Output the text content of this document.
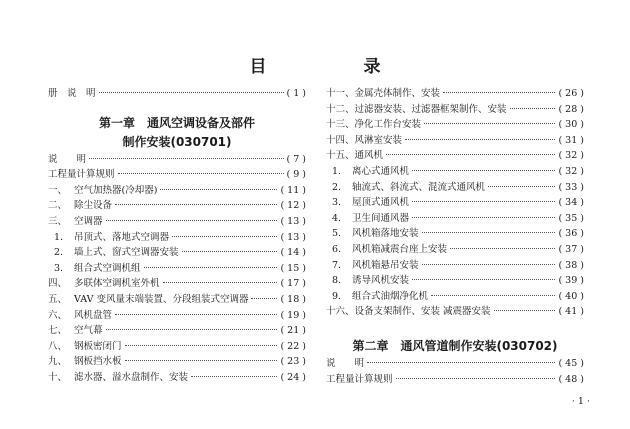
目　录
册　说　明	( 1 )
第一章　通风空调设备及部件
制作安装(030701)
说　　明	( 7 )
工程量计算规则	( 9 )
一、 空气加热器(冷却器)	( 11 )
二、 除尘设备	( 12 )
三、 空调器	( 13 )
1.	吊顶式、落地式空调器	( 13 )
2.	墙上式、窗式空调器安装	( 14 )
3.	组合式空调机组	( 15 )
四、 多联体空调机室外机	( 17 )
五、 VAV 变风量末端装置、分段组装式空调器	( 18 )
六、 风机盘管	( 19 )
七、 空气幕	( 21 )
八、 钢板密闭门	( 22 )
九、 钢板挡水板	( 23 )
十、 滤水器、溢水盘制作、安装	( 24 )
十一、 金属壳体制作、安装	( 26 )
十二、 过滤器安装、过滤器框架制作、安装	( 28 )
十三、 净化工作台安装	( 30 )
十四、 风淋室安装	( 31 )
十五、 通风机	( 32 )
1.	离心式通风机	( 32 )
2.	轴流式、斜流式、混流式通风机	( 33 )
3.	屋顶式通风机	( 34 )
4.	卫生间通风器	( 35 )
5.	风机箱落地安装	( 36 )
6.	风机箱减震台座上安装	( 37 )
7.	风机箱悬吊安装	( 38 )
8.	诱导风机安装	( 39 )
9.	组合式油烟净化机	( 40 )
十六、 设备支架制作、安装 减震器安装	( 41 )
第二章　通风管道制作安装(030702)
说　　明	( 45 )
工程量计算规则	( 48 )
· 1 ·
